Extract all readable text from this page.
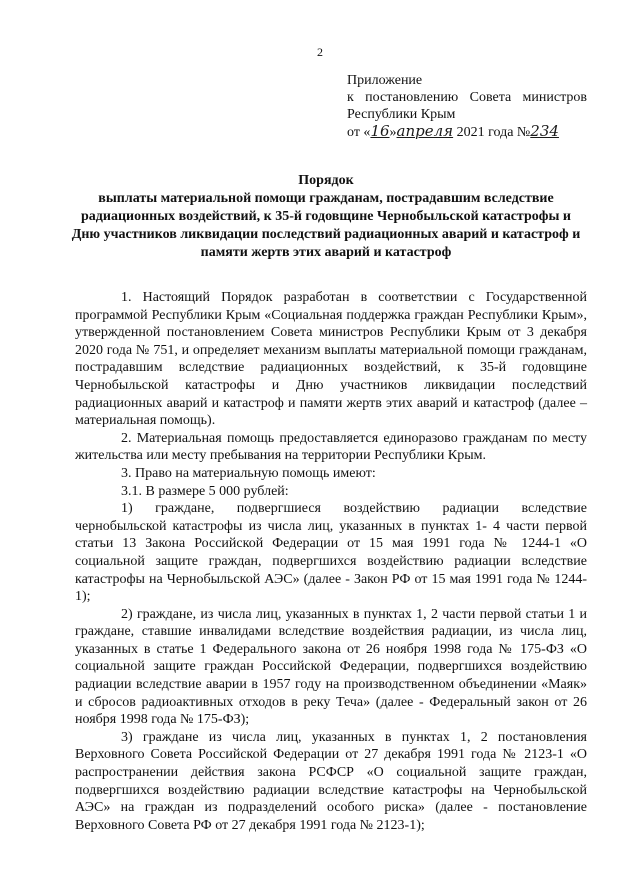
2
Приложение
к постановлению Совета министров
Республики Крым
от «16»апреля 2021 года №234
Порядок
выплаты материальной помощи гражданам, пострадавшим вследствие радиационных воздействий, к 35-й годовщине Чернобыльской катастрофы и Дню участников ликвидации последствий радиационных аварий и катастроф и памяти жертв этих аварий и катастроф

1. Настоящий Порядок разработан в соответствии с Государственной программой Республики Крым «Социальная поддержка граждан Республики Крым», утвержденной постановлением Совета министров Республики Крым от 3 декабря 2020 года № 751, и определяет механизм выплаты материальной помощи гражданам, пострадавшим вследствие радиационных воздействий, к 35-й годовщине Чернобыльской катастрофы и Дню участников ликвидации последствий радиационных аварий и катастроф и памяти жертв этих аварий и катастроф (далее – материальная помощь).

2. Материальная помощь предоставляется единоразово гражданам по месту жительства или месту пребывания на территории Республики Крым.

3. Право на материальную помощь имеют:

3.1. В размере 5 000 рублей:

1) граждане, подвергшиеся воздействию радиации вследствие чернобыльской катастрофы из числа лиц, указанных в пунктах 1- 4 части первой статьи 13 Закона Российской Федерации от 15 мая 1991 года № 1244-1 «О социальной защите граждан, подвергшихся воздействию радиации вследствие катастрофы на Чернобыльской АЭС» (далее - Закон РФ от 15 мая 1991 года № 1244-1);

2) граждане, из числа лиц, указанных в пунктах 1, 2 части первой статьи 1 и граждане, ставшие инвалидами вследствие воздействия радиации, из числа лиц, указанных в статье 1 Федерального закона от 26 ноября 1998 года № 175-ФЗ «О социальной защите граждан Российской Федерации, подвергшихся воздействию радиации вследствие аварии в 1957 году на производственном объединении «Маяк» и сбросов радиоактивных отходов в реку Теча» (далее - Федеральный закон от 26 ноября 1998 года № 175-ФЗ);

3) граждане из числа лиц, указанных в пунктах 1, 2 постановления Верховного Совета Российской Федерации от 27 декабря 1991 года № 2123-1 «О распространении действия закона РСФСР «О социальной защите граждан, подвергшихся воздействию радиации вследствие катастрофы на Чернобыльской АЭС» на граждан из подразделений особого риска» (далее - постановление Верховного Совета РФ от 27 декабря 1991 года № 2123-1);
